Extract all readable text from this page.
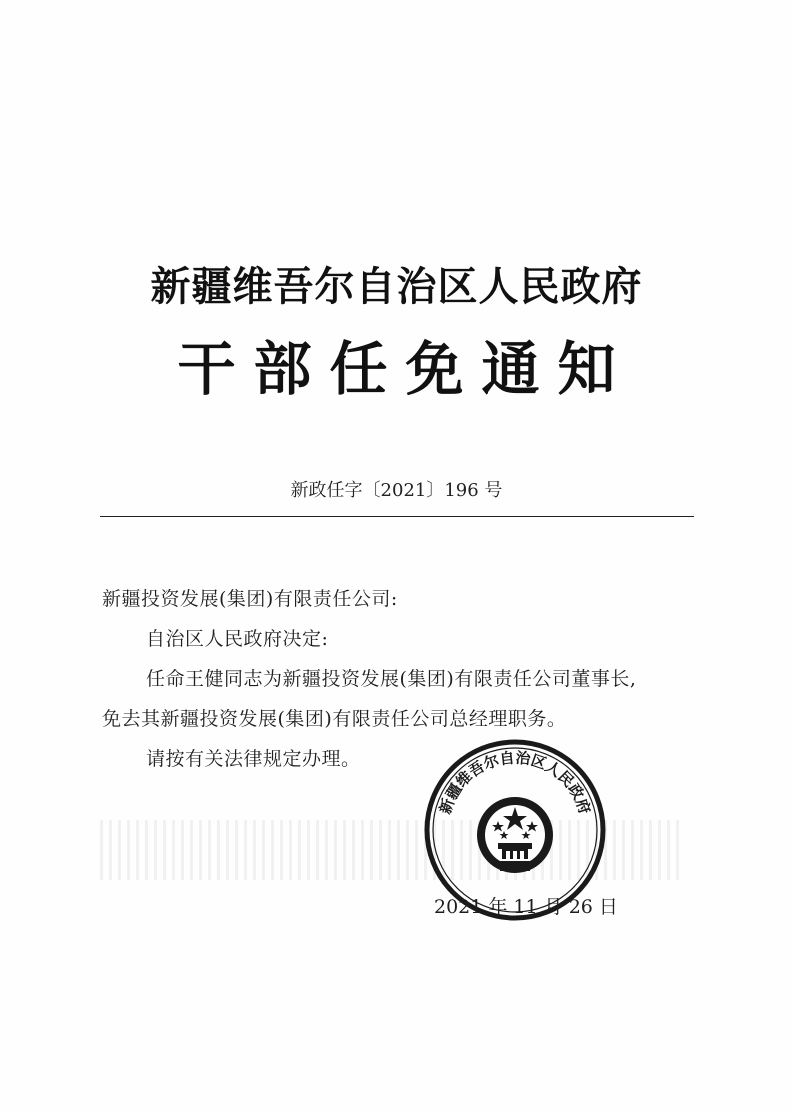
新疆维吾尔自治区人民政府
干部任免通知
新政任字〔2021〕196 号
新疆投资发展(集团)有限责任公司:
自治区人民政府决定:
任命王健同志为新疆投资发展(集团)有限责任公司董事长,
免去其新疆投资发展(集团)有限责任公司总经理职务。
请按有关法律规定办理。
新疆维吾尔自治区人民政府
2021 年 11 月 26 日
